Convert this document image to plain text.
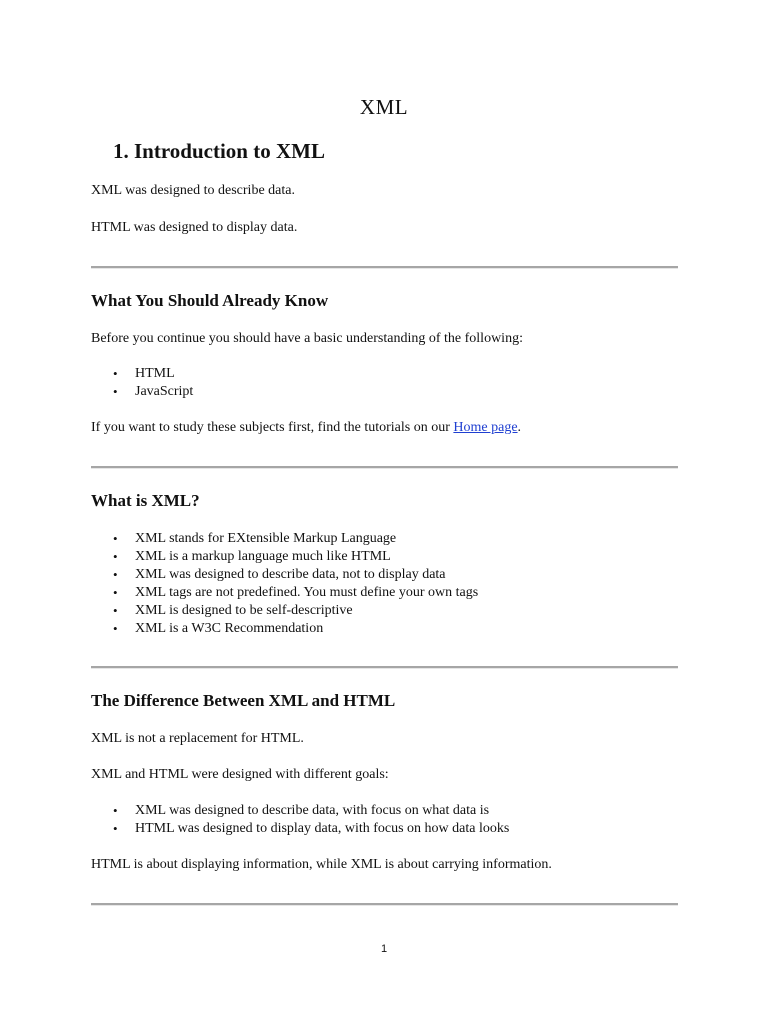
XML
1. Introduction to XML
XML was designed to describe data.
HTML was designed to display data.
What You Should Already Know
Before you continue you should have a basic understanding of the following:
• HTML
• JavaScript
If you want to study these subjects first, find the tutorials on our Home page.
What is XML?
• XML stands for EXtensible Markup Language
• XML is a markup language much like HTML
• XML was designed to describe data, not to display data
• XML tags are not predefined. You must define your own tags
• XML is designed to be self-descriptive
• XML is a W3C Recommendation
The Difference Between XML and HTML
XML is not a replacement for HTML.
XML and HTML were designed with different goals:
• XML was designed to describe data, with focus on what data is
• HTML was designed to display data, with focus on how data looks
HTML is about displaying information, while XML is about carrying information.
1
